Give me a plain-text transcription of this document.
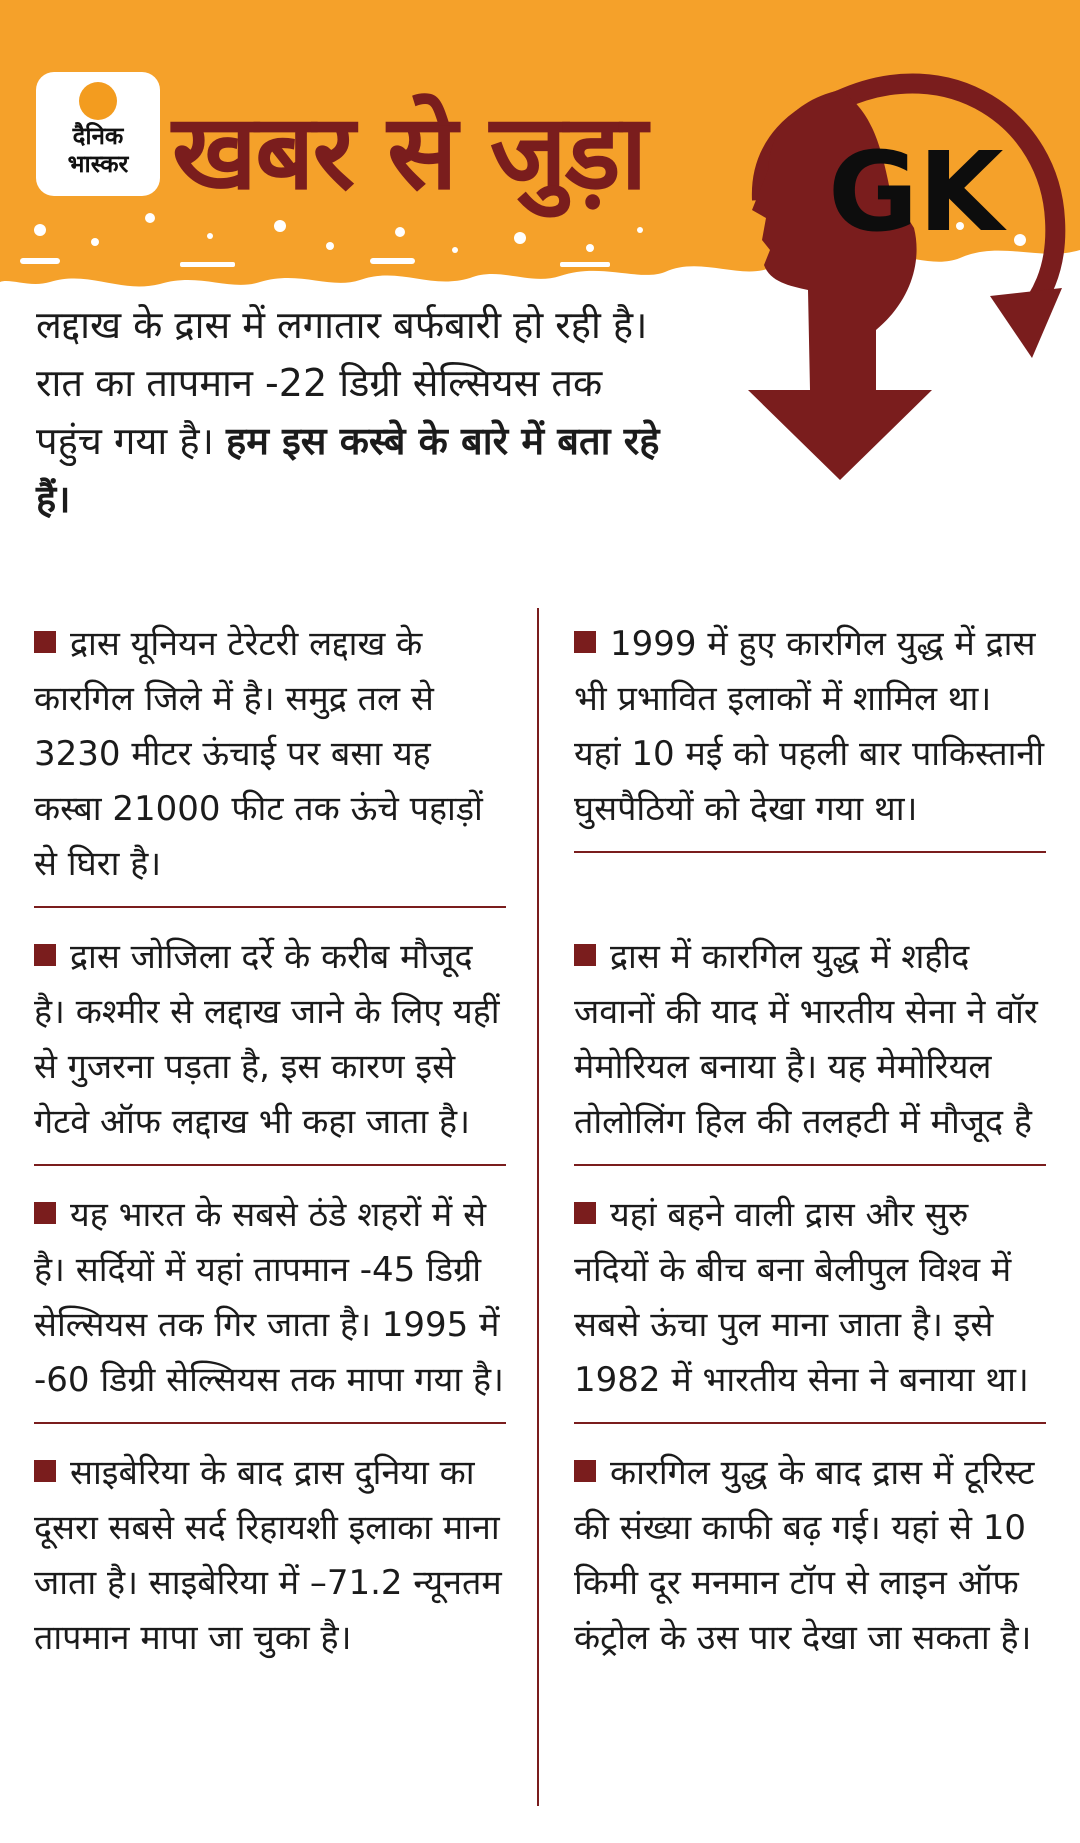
दैनिक
भास्कर खबर से जुड़ा GK
लद्दाख के द्रास में लगातार बर्फबारी हो रही है। रात का तापमान -22 डिग्री सेल्सियस तक पहुंच गया है। हम इस कस्बे के बारे में बता रहे हैं।
द्रास यूनियन टेरेटरी लद्दाख के कारगिल जिले में है। समुद्र तल से 3230 मीटर ऊंचाई पर बसा यह कस्बा 21000 फीट तक ऊंचे पहाड़ों से घिरा है।
1999 में हुए कारगिल युद्ध में द्रास भी प्रभावित इलाकों में शामिल था। यहां 10 मई को पहली बार पाकिस्तानी घुसपैठियों को देखा गया था।
द्रास जोजिला दर्रे के करीब मौजूद है। कश्मीर से लद्दाख जाने के लिए यहीं से गुजरना पड़ता है, इस कारण इसे गेटवे ऑफ लद्दाख भी कहा जाता है।
द्रास में कारगिल युद्ध में शहीद जवानों की याद में भारतीय सेना ने वॉर मेमोरियल बनाया है। यह मेमोरियल तोलोलिंग हिल की तलहटी में मौजूद है
यह भारत के सबसे ठंडे शहरों में से है। सर्दियों में यहां तापमान -45 डिग्री सेल्सियस तक गिर जाता है। 1995 में -60 डिग्री सेल्सियस तक मापा गया है।
यहां बहने वाली द्रास और सुरु नदियों के बीच बना बेलीपुल विश्व में सबसे ऊंचा पुल माना जाता है। इसे 1982 में भारतीय सेना ने बनाया था।
साइबेरिया के बाद द्रास दुनिया का दूसरा सबसे सर्द रिहायशी इलाका माना जाता है। साइबेरिया में –71.2 न्यूनतम तापमान मापा जा चुका है।
कारगिल युद्ध के बाद द्रास में टूरिस्ट की संख्या काफी बढ़ गई। यहां से 10 किमी दूर मनमान टॉप से लाइन ऑफ कंट्रोल के उस पार देखा जा सकता है।
